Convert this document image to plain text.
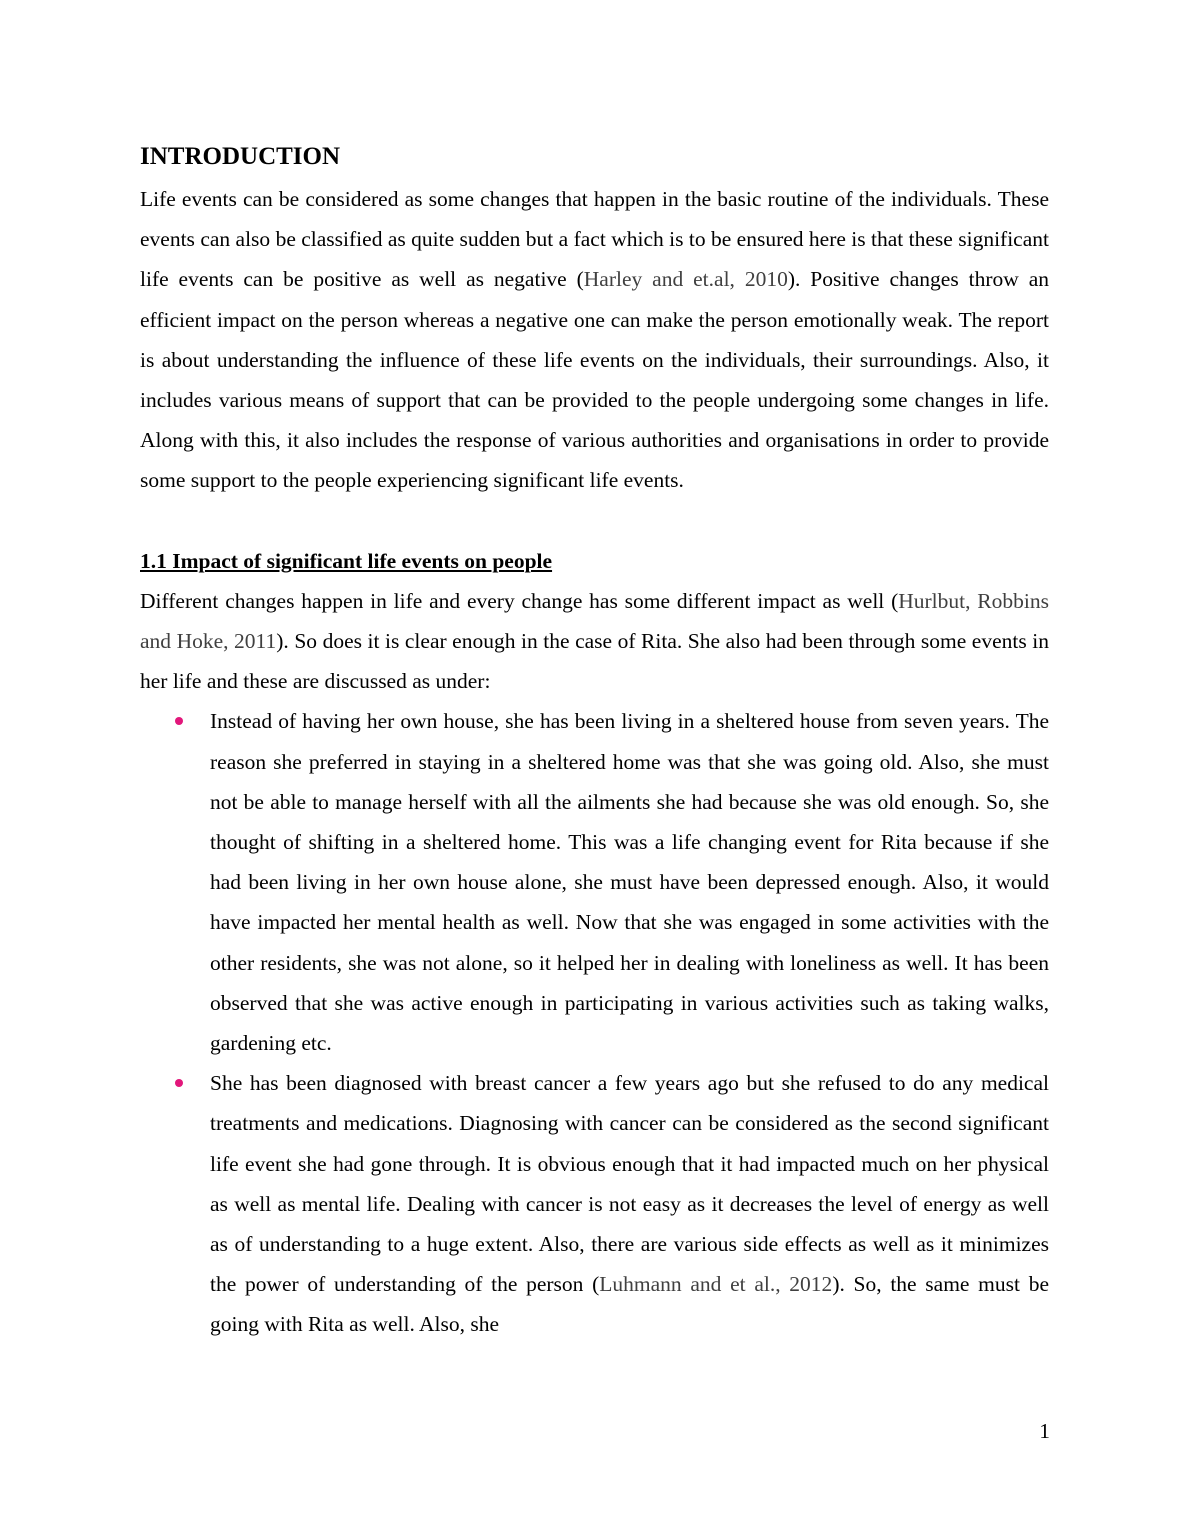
INTRODUCTION

Life events can be considered as some changes that happen in the basic routine of the individuals. These events can also be classified as quite sudden but a fact which is to be ensured here is that these significant life events can be positive as well as negative (Harley and et.al, 2010). Positive changes throw an efficient impact on the person whereas a negative one can make the person emotionally weak. The report is about understanding the influence of these life events on the individuals, their surroundings. Also, it includes various means of support that can be provided to the people undergoing some changes in life. Along with this, it also includes the response of various authorities and organisations in order to provide some support to the people experiencing significant life events.

1.1 Impact of significant life events on people

Different changes happen in life and every change has some different impact as well (Hurlbut, Robbins and Hoke, 2011). So does it is clear enough in the case of Rita. She also had been through some events in her life and these are discussed as under:

Instead of having her own house, she has been living in a sheltered house from seven years. The reason she preferred in staying in a sheltered home was that she was going old. Also, she must not be able to manage herself with all the ailments she had because she was old enough. So, she thought of shifting in a sheltered home. This was a life changing event for Rita because if she had been living in her own house alone, she must have been depressed enough. Also, it would have impacted her mental health as well. Now that she was engaged in some activities with the other residents, she was not alone, so it helped her in dealing with loneliness as well. It has been observed that she was active enough in participating in various activities such as taking walks, gardening etc.

She has been diagnosed with breast cancer a few years ago but she refused to do any medical treatments and medications. Diagnosing with cancer can be considered as the second significant life event she had gone through. It is obvious enough that it had impacted much on her physical as well as mental life. Dealing with cancer is not easy as it decreases the level of energy as well as of understanding to a huge extent. Also, there are various side effects as well as it minimizes the power of understanding of the person (Luhmann and et al., 2012). So, the same must be going with Rita as well. Also, she

1
